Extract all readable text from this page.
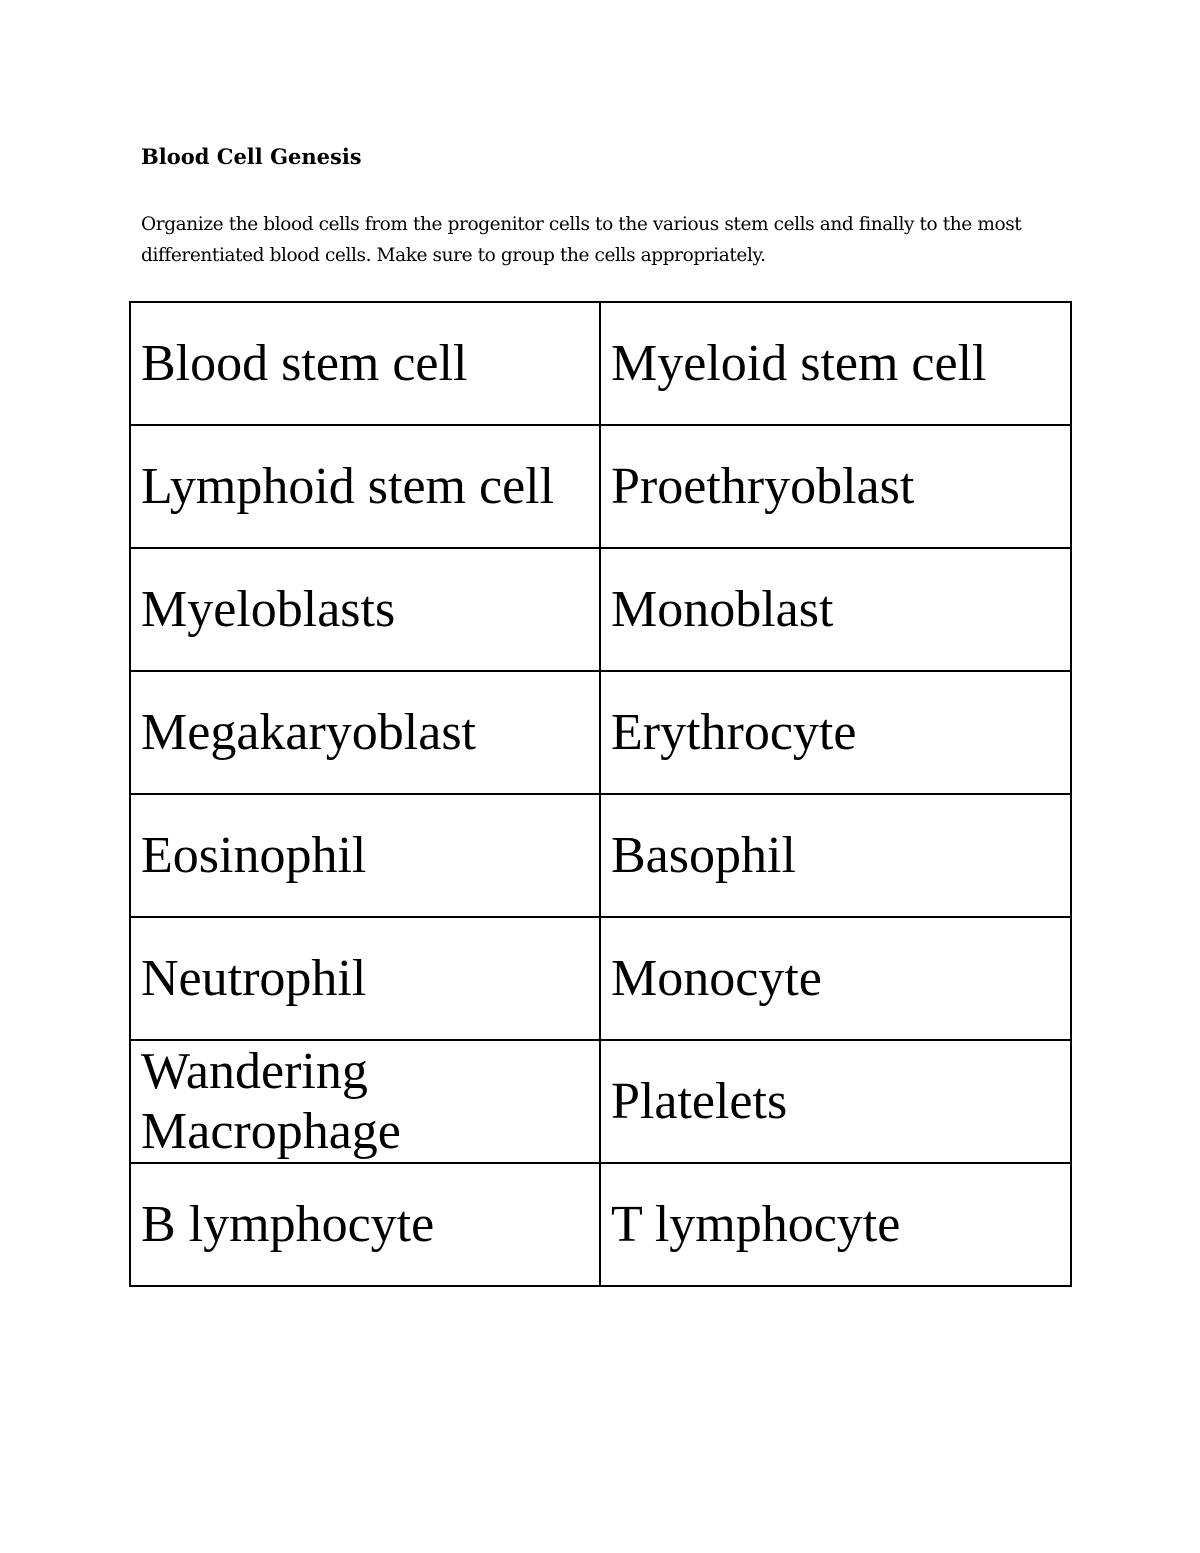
Blood Cell Genesis

Organize the blood cells from the progenitor cells to the various stem cells and finally to the most differentiated blood cells. Make sure to group the cells appropriately.

Blood stem cell	Myeloid stem cell
Lymphoid stem cell	Proethryoblast
Myeloblasts	Monoblast
Megakaryoblast	Erythrocyte
Eosinophil	Basophil
Neutrophil	Monocyte
Wandering
Macrophage	Platelets
B lymphocyte	T lymphocyte
